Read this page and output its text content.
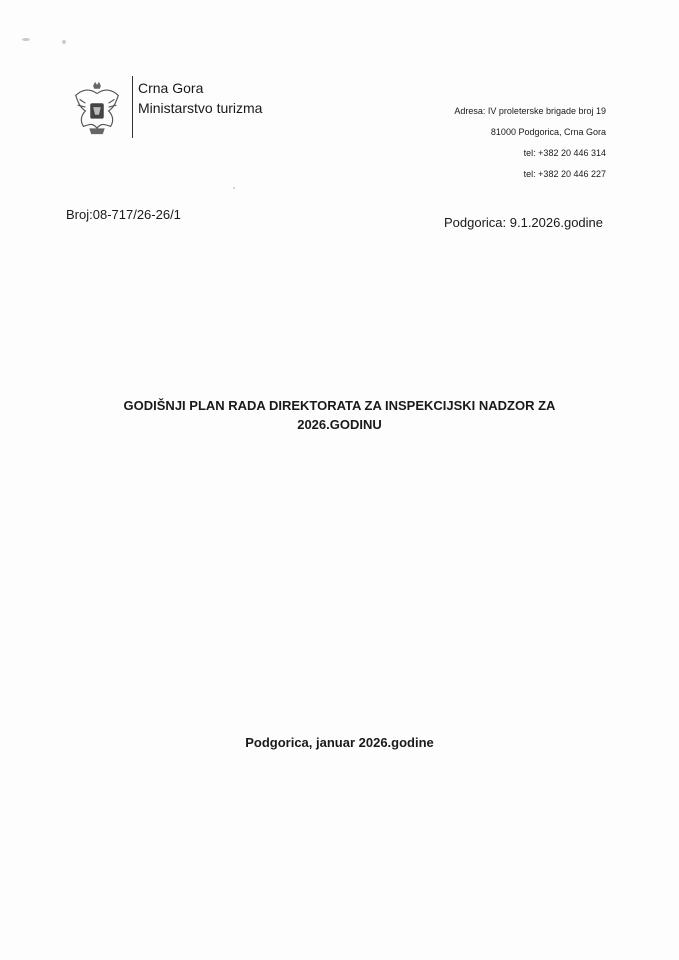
Crna Gora
Ministarstvo turizma	Adresa: IV proleterske brigade broj 19
81000 Podgorica, Crna Gora
tel: +382 20 446 314
tel: +382 20 446 227
Broj:08-717/26-26/1
Podgorica: 9.1.2026.godine
GODIŠNJI PLAN RADA DIREKTORATA ZA INSPEKCIJSKI NADZOR ZA
2026.GODINU
Podgorica, januar 2026.godine
